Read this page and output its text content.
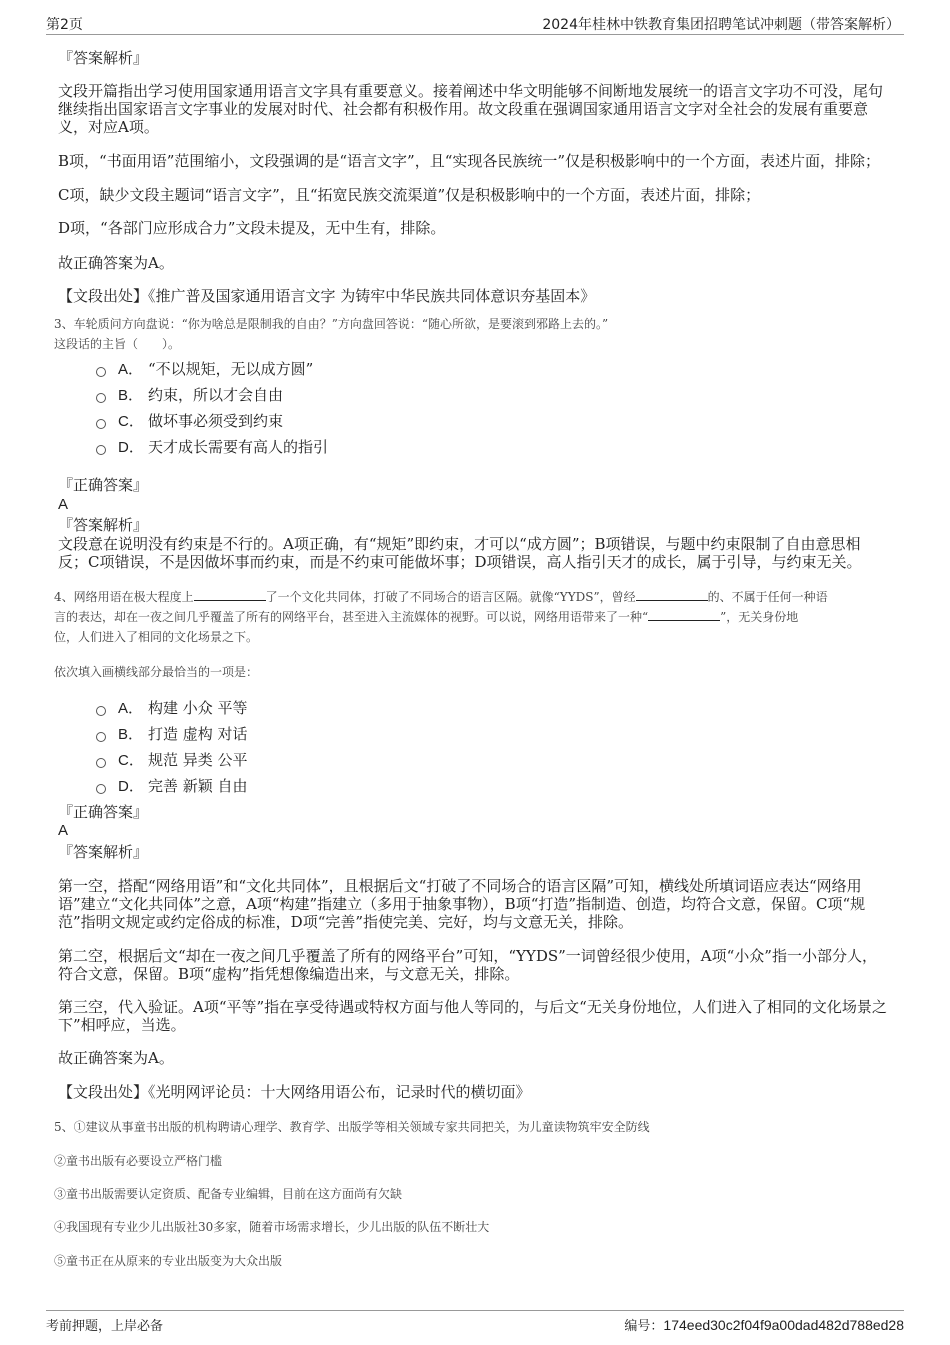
第2页	2024年桂林中铁教育集团招聘笔试冲刺题（带答案解析）
『答案解析』
文段开篇指出学习使用国家通用语言文字具有重要意义。接着阐述中华文明能够不间断地发展统一的语言文字功不可没，尾句继续指出国家语言文字事业的发展对时代、社会都有积极作用。故文段重在强调国家通用语言文字对全社会的发展有重要意义，对应A项。
B项，“书面用语”范围缩小，文段强调的是“语言文字”，且“实现各民族统一”仅是积极影响中的一个方面，表述片面，排除；
C项，缺少文段主题词“语言文字”，且“拓宽民族交流渠道”仅是积极影响中的一个方面，表述片面，排除；
D项，“各部门应形成合力”文段未提及，无中生有，排除。
故正确答案为A。
【文段出处】《推广普及国家通用语言文字 为铸牢中华民族共同体意识夯基固本》
3、车轮质问方向盘说：“你为啥总是限制我的自由？”方向盘回答说：“随心所欲，是要滚到邪路上去的。”
这段话的主旨（　　）。
A． “不以规矩，无以成方圆”
B． 约束，所以才会自由
C． 做坏事必须受到约束
D． 天才成长需要有高人的指引
『正确答案』
A
『答案解析』
文段意在说明没有约束是不行的。A项正确，有“规矩”即约束，才可以“成方圆”；B项错误，与题中约束限制了自由意思相反；C项错误，不是因做坏事而约束，而是不约束可能做坏事；D项错误，高人指引天才的成长，属于引导，与约束无关。
4、网络用语在极大程度上	了一个文化共同体，打破了不同场合的语言区隔。就像“YYDS”，曾经	的、不属于任何一种语
言的表达，却在一夜之间几乎覆盖了所有的网络平台，甚至进入主流媒体的视野。可以说，网络用语带来了一种“	”，无关身份地
位，人们进入了相同的文化场景之下。
依次填入画横线部分最恰当的一项是：
A． 构建 小众 平等
B． 打造 虚构 对话
C． 规范 异类 公平
D． 完善 新颖 自由
『正确答案』
A
『答案解析』
第一空，搭配“网络用语”和“文化共同体”，且根据后文“打破了不同场合的语言区隔”可知，横线处所填词语应表达“网络用语”建立“文化共同体”之意，A项“构建”指建立（多用于抽象事物），B项“打造”指制造、创造，均符合文意，保留。C项“规范”指明文规定或约定俗成的标准，D项“完善”指使完美、完好，均与文意无关，排除。
第二空，根据后文“却在一夜之间几乎覆盖了所有的网络平台”可知，“YYDS”一词曾经很少使用，A项“小众”指一小部分人，符合文意，保留。B项“虚构”指凭想像编造出来，与文意无关，排除。
第三空，代入验证。A项“平等”指在享受待遇或特权方面与他人等同的，与后文“无关身份地位，人们进入了相同的文化场景之下”相呼应，当选。
故正确答案为A。
【文段出处】《光明网评论员：十大网络用语公布，记录时代的横切面》
5、①建议从事童书出版的机构聘请心理学、教育学、出版学等相关领域专家共同把关，为儿童读物筑牢安全防线
②童书出版有必要设立严格门槛
③童书出版需要认定资质、配备专业编辑，目前在这方面尚有欠缺
④我国现有专业少儿出版社30多家，随着市场需求增长，少儿出版的队伍不断壮大
⑤童书正在从原来的专业出版变为大众出版
考前押题，上岸必备	编号：174eed30c2f04f9a00dad482d788ed28
